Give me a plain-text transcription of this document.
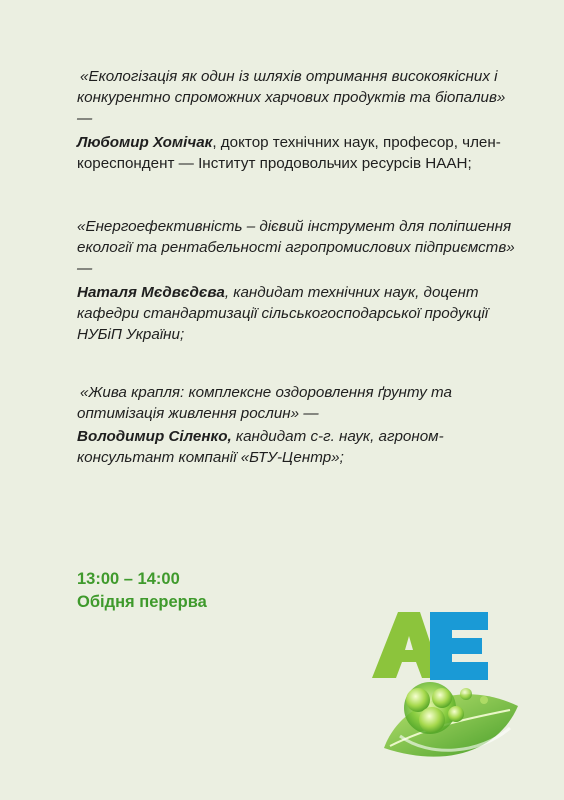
«Екологізація як один із шляхів отримання високоякісних і конкурентно спроможних харчових продуктів та біопалив» —

Любомир Хомічак, доктор технічних наук, професор, член-кореспондент — Інститут продовольчих ресурсів НААН;

«Енергоефективність – дієвий інструмент для поліпшення екології та рентабельності агропромислових підприємств» —

Наталя Мєдвєдєва, кандидат технічних наук, доцент кафедри стандартизації сільськогосподарської продукції НУБіП України;

«Жива крапля: комплексне оздоровлення ґрунту та оптимізація живлення рослин» —

Володимир Сіленко, кандидат с-г. наук, агроном-консультант компанії «БТУ-Центр»;

13:00 – 14:00
Обідня перерва
